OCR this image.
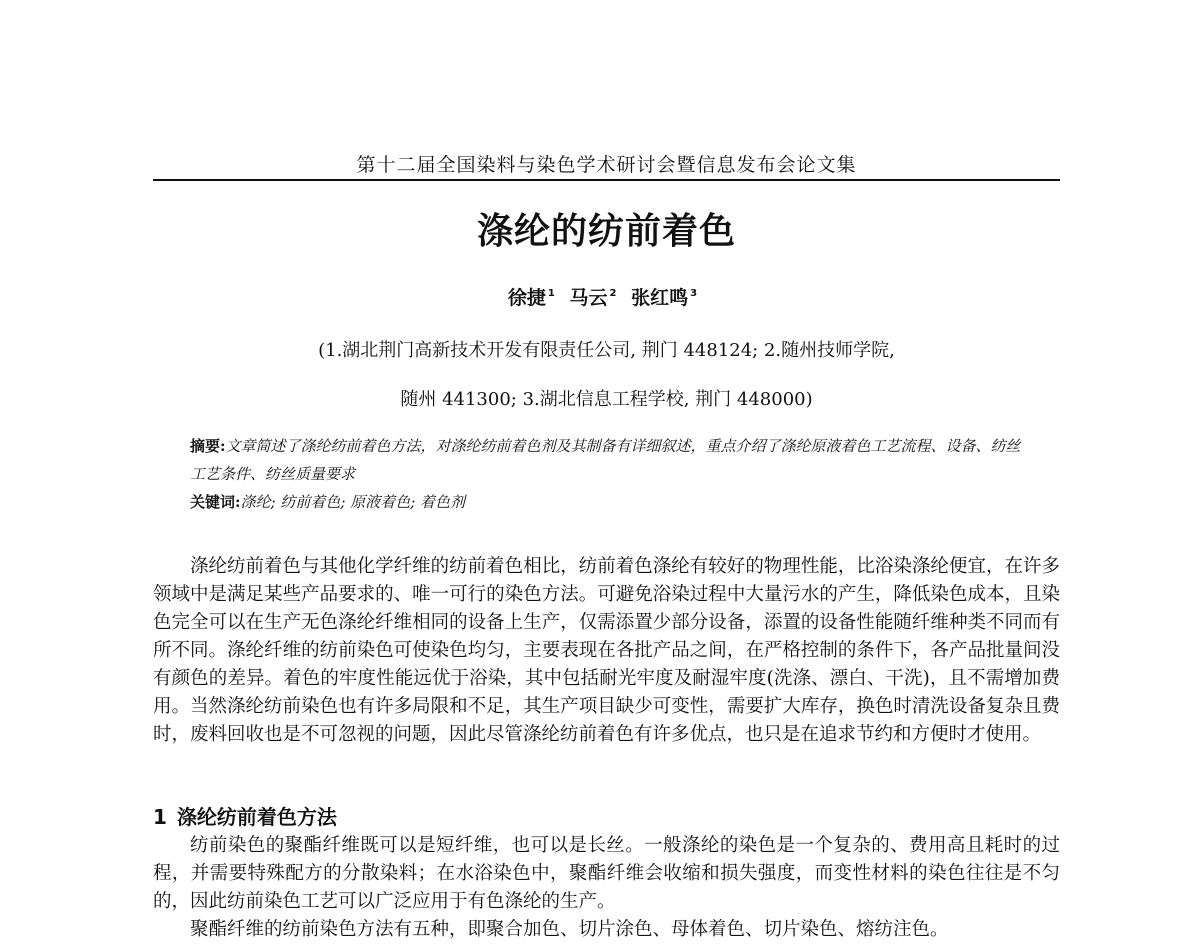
第十二届全国染料与染色学术研讨会暨信息发布会论文集
涤纶的纺前着色
徐捷 $^1$ 马云 $^2$ 张红鸣 $^3$
(1.湖北荆门高新技术开发有限责任公司, 荆门 448124; 2.随州技师学院,
随州 441300; 3.湖北信息工程学校, 荆门 448000)
摘要:文章简述了涤纶纺前着色方法，对涤纶纺前着色剂及其制备有详细叙述，重点介绍了涤纶原液着色工艺流程、设备、纺丝工艺条件、纺丝质量要求
关键词:涤纶; 纺前着色; 原液着色; 着色剂

涤纶纺前着色与其他化学纤维的纺前着色相比，纺前着色涤纶有较好的物理性能，比浴染涤纶便宜，在许多领域中是满足某些产品要求的、唯一可行的染色方法。可避免浴染过程中大量污水的产生，降低染色成本，且染色完全可以在生产无色涤纶纤维相同的设备上生产，仅需添置少部分设备，添置的设备性能随纤维种类不同而有所不同。涤纶纤维的纺前染色可使染色均匀，主要表现在各批产品之间，在严格控制的条件下，各产品批量间没有颜色的差异。着色的牢度性能远优于浴染，其中包括耐光牢度及耐湿牢度(洗涤、漂白、干洗)，且不需增加费用。当然涤纶纺前染色也有许多局限和不足，其生产项目缺少可变性，需要扩大库存，换色时清洗设备复杂且费时，废料回收也是不可忽视的问题，因此尽管涤纶纺前着色有许多优点，也只是在追求节约和方便时才使用。

1 涤纶纺前着色方法

纺前染色的聚酯纤维既可以是短纤维，也可以是长丝。一般涤纶的染色是一个复杂的、费用高且耗时的过程，并需要特殊配方的分散染料；在水浴染色中，聚酯纤维会收缩和损失强度，而变性材料的染色往往是不匀的，因此纺前染色工艺可以广泛应用于有色涤纶的生产。

聚酯纤维的纺前染色方法有五种，即聚合加色、切片涂色、母体着色、切片染色、熔纺注色。
